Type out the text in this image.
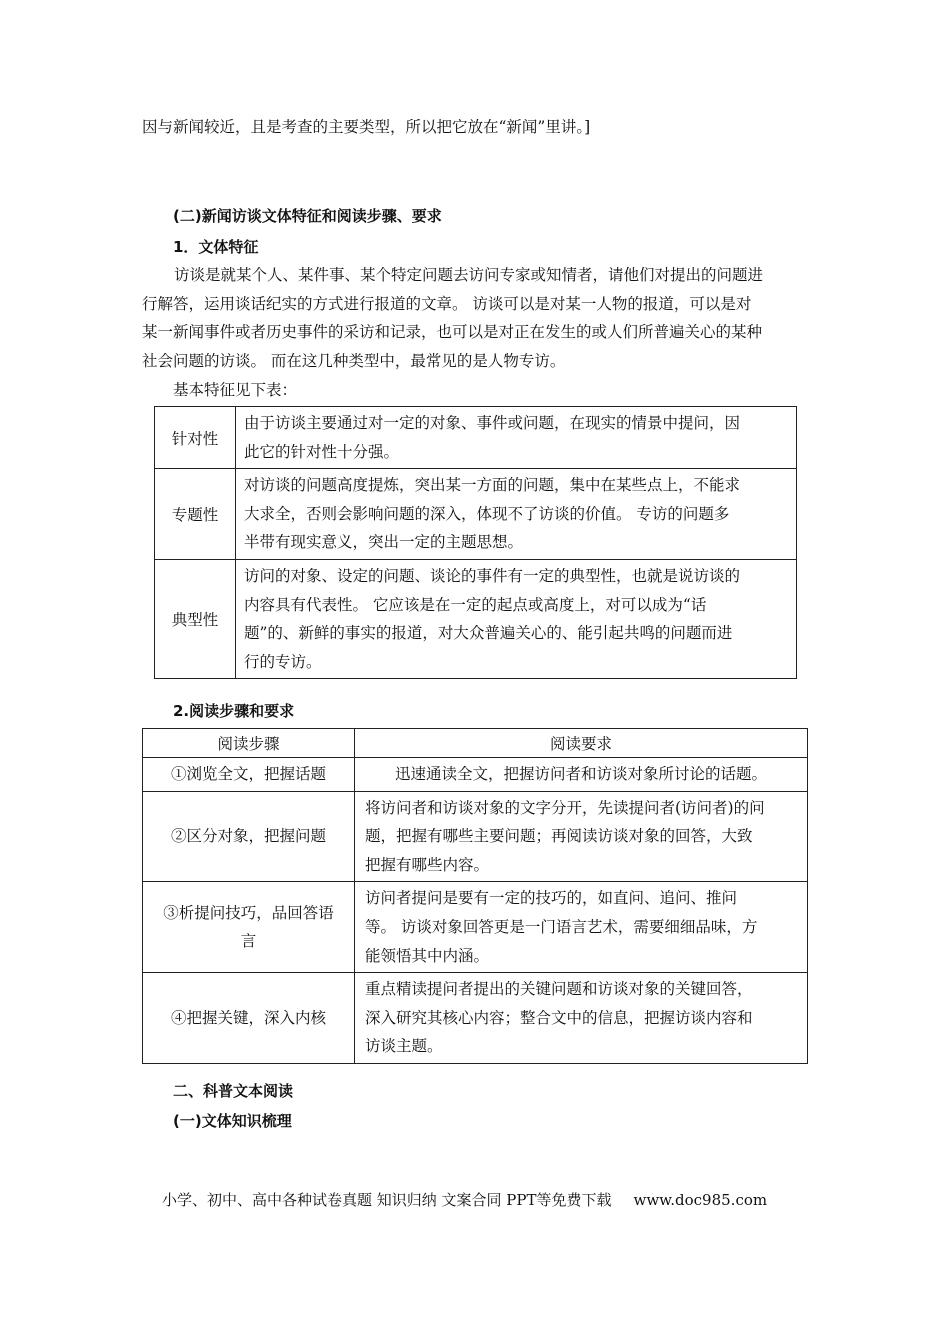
因与新闻较近，且是考查的主要类型，所以把它放在“新闻”里讲。]

(二)新闻访谈文体特征和阅读步骤、要求

1．文体特征

访谈是就某个人、某件事、某个特定问题去访问专家或知情者，请他们对提出的问题进
行解答，运用谈话纪实的方式进行报道的文章。 访谈可以是对某一人物的报道，可以是对
某一新闻事件或者历史事件的采访和记录，也可以是对正在发生的或人们所普遍关心的某种
社会问题的访谈。 而在这几种类型中，最常见的是人物专访。

基本特征见下表：

针对性	由于访谈主要通过对一定的对象、事件或问题，在现实的情景中提问，因
此它的针对性十分强。

专题性	对访谈的问题高度提炼，突出某一方面的问题，集中在某些点上，不能求
大求全，否则会影响问题的深入，体现不了访谈的价值。 专访的问题多
半带有现实意义，突出一定的主题思想。

典型性	访问的对象、设定的问题、谈论的事件有一定的典型性，也就是说访谈的
内容具有代表性。 它应该是在一定的起点或高度上，对可以成为“话
题”的、新鲜的事实的报道，对大众普遍关心的、能引起共鸣的问题而进
行的专访。

2.阅读步骤和要求

阅读步骤	阅读要求

①浏览全文，把握话题	迅速通读全文，把握访问者和访谈对象所讨论的话题。

②区分对象，把握问题	将访问者和访谈对象的文字分开，先读提问者(访问者)的问
题，把握有哪些主要问题；再阅读访谈对象的回答，大致
把握有哪些内容。

③析提问技巧，品回答语
言	访问者提问是要有一定的技巧的，如直问、追问、推问
等。 访谈对象回答更是一门语言艺术，需要细细品味，方
能领悟其中内涵。

④把握关键，深入内核	重点精读提问者提出的关键问题和访谈对象的关键回答，
深入研究其核心内容；整合文中的信息，把握访谈内容和
访谈主题。

二、科普文本阅读

(一)文体知识梳理

小学、初中、高中各种试卷真题 知识归纳 文案合同 PPT等免费下载 www.doc985.com
